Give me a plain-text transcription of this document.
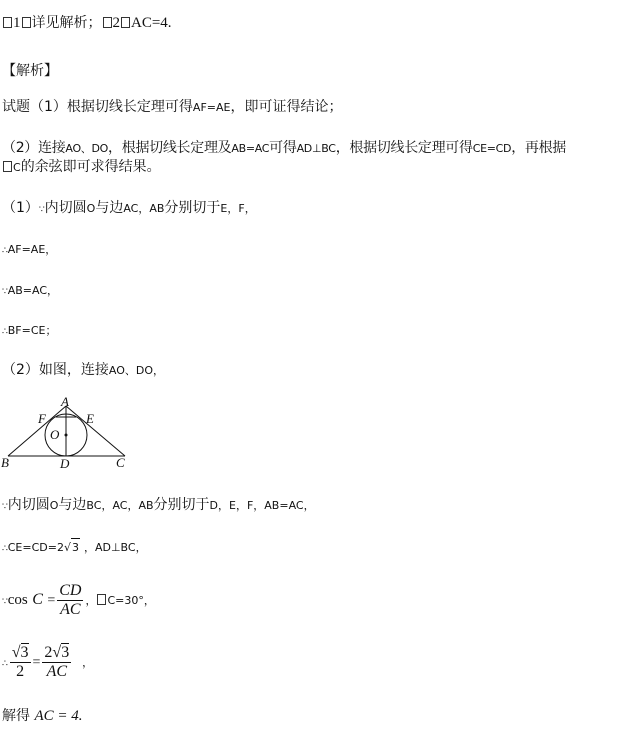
1 详见解析； 2 AC=4.
【解析】
试题（1）根据切线长定理可得AF=AE，即可证得结论；
（2）连接AO、DO，根据切线长定理及AB=AC可得AD⊥BC，根据切线长定理可得CE=CD，再根据
C的余弦即可求得结果。
（1）∵内切圆O与边AC，AB分别切于E，F，
∴AF=AE，
∵AB=AC，
∴BF=CE；
（2）如图，连接AO、DO，
A
F	E
O
B	D	C
∵内切圆O与边BC，AC，AB分别切于D，E，F，AB=AC，
∴CE=CD=2√3 ，AD⊥BC，
∵cos $C = \frac{CD}{AC}$ ， C=30°，
∴ $\frac{√3}{2} = \frac{2√3}{AC}$ ，
解得 AC = 4.
